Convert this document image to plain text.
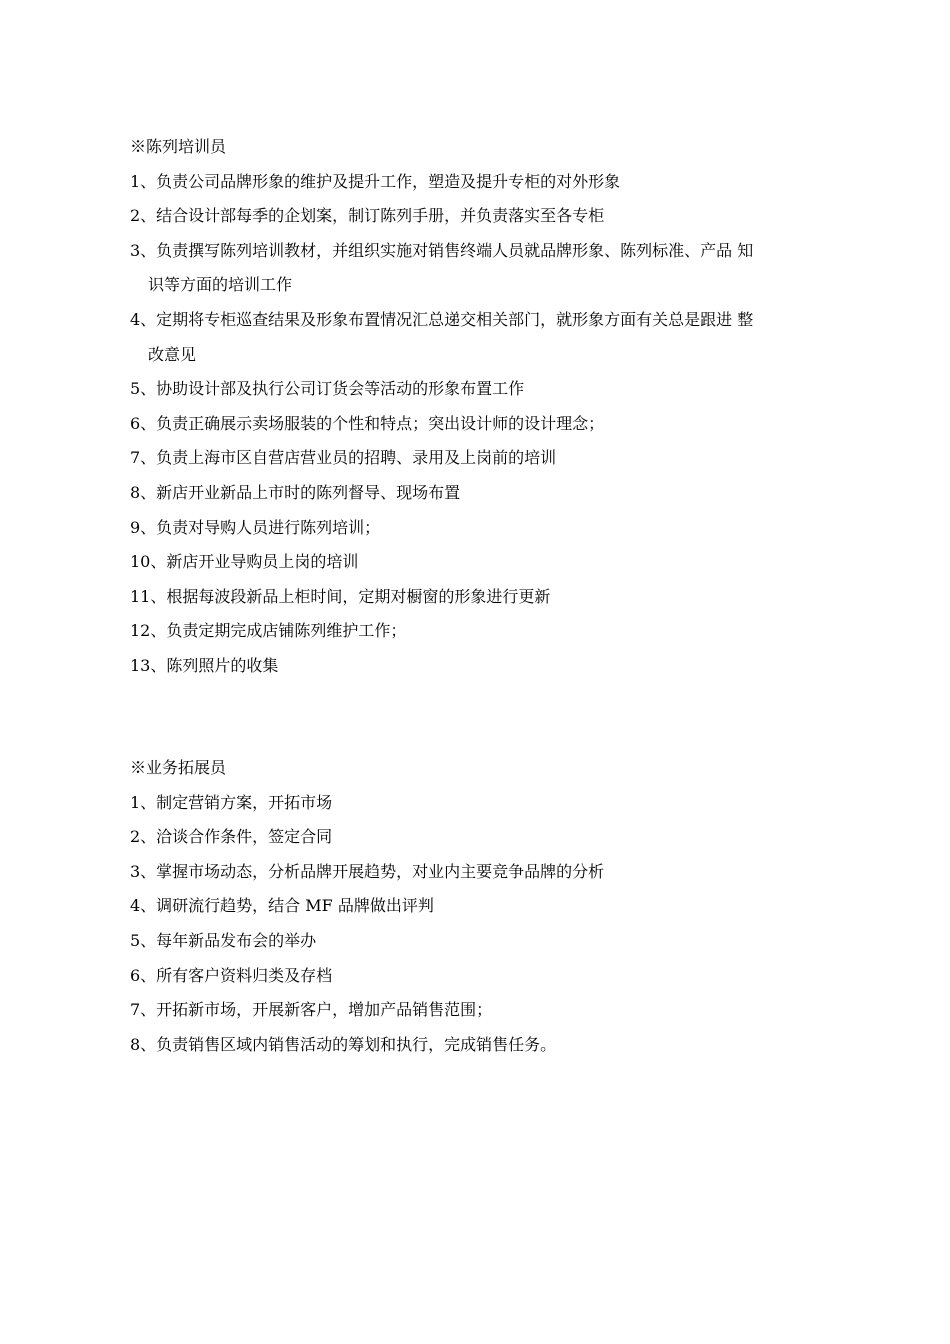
※陈列培训员
1、负责公司品牌形象的维护及提升工作，塑造及提升专柜的对外形象
2、结合设计部每季的企划案，制订陈列手册，并负责落实至各专柜
3、负责撰写陈列培训教材，并组织实施对销售终端人员就品牌形象、陈列标准、产品 知
识等方面的培训工作
4、定期将专柜巡查结果及形象布置情况汇总递交相关部门，就形象方面有关总是跟进 整
改意见
5、协助设计部及执行公司订货会等活动的形象布置工作
6、负责正确展示卖场服装的个性和特点；突出设计师的设计理念；
7、负责上海市区自营店营业员的招聘、录用及上岗前的培训
8、新店开业新品上市时的陈列督导、现场布置
9、负责对导购人员进行陈列培训；
10、新店开业导购员上岗的培训
11、根据每波段新品上柜时间，定期对橱窗的形象进行更新
12、负责定期完成店铺陈列维护工作；
13、陈列照片的收集
※业务拓展员
1、制定营销方案，开拓市场
2、洽谈合作条件，签定合同
3、掌握市场动态，分析品牌开展趋势，对业内主要竞争品牌的分析
4、调研流行趋势，结合 MF 品牌做出评判
5、每年新品发布会的举办
6、所有客户资料归类及存档
7、开拓新市场，开展新客户，增加产品销售范围；
8、负责销售区域内销售活动的筹划和执行，完成销售任务。
